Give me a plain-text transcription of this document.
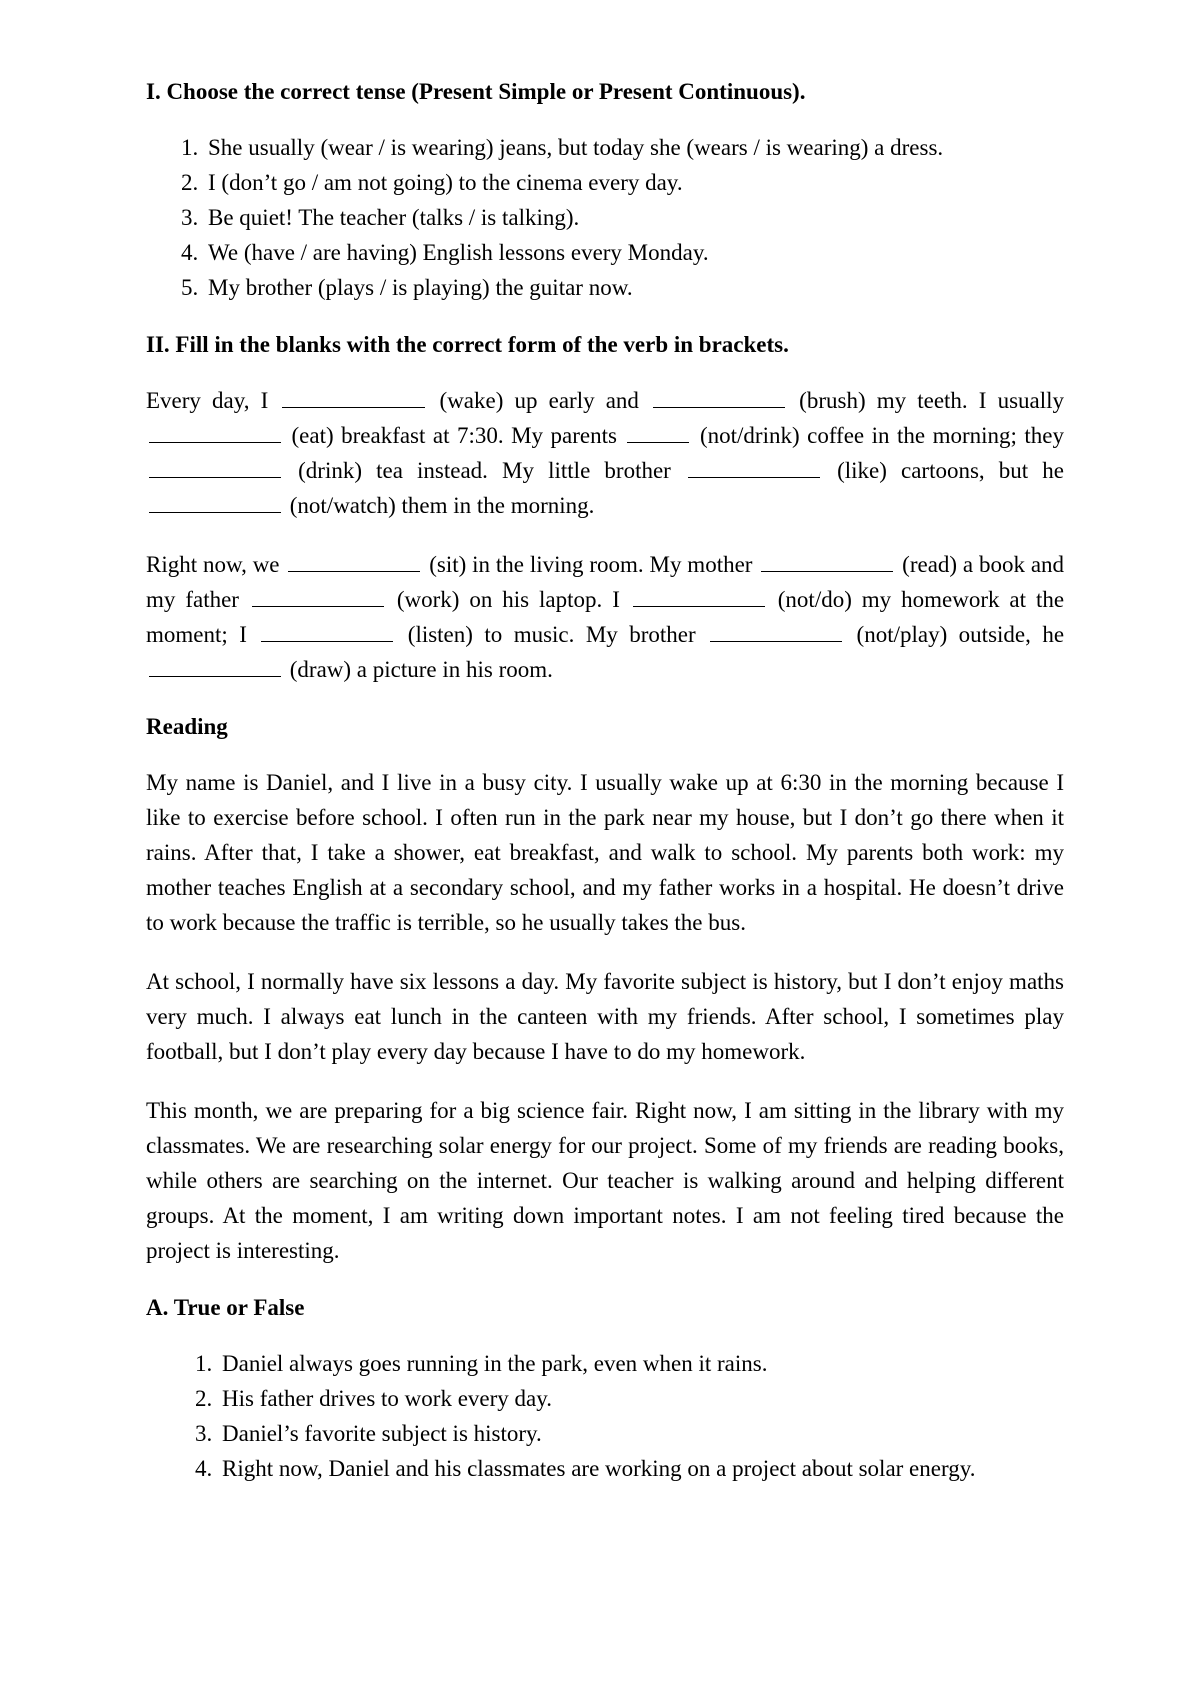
I. Choose the correct tense (Present Simple or Present Continuous).
1. She usually (wear / is wearing) jeans, but today she (wears / is wearing) a dress.
2. I (don’t go / am not going) to the cinema every day.
3. Be quiet! The teacher (talks / is talking).
4. We (have / are having) English lessons every Monday.
5. My brother (plays / is playing) the guitar now.
II. Fill in the blanks with the correct form of the verb in brackets.

Every day, I	(wake) up early and	(brush) my teeth. I usually  (eat) breakfast at 7:30. My parents	(not/drink) coffee in the morning; they  (drink) tea instead. My little brother	(like) cartoons, but he  (not/watch) them in the morning.

Right now, we	(sit) in the living room. My mother	(read) a book and my father	(work) on his laptop. I	(not/do) my homework at the moment; I	(listen) to music. My brother	(not/play) outside, he  (draw) a picture in his room.

Reading

My name is Daniel, and I live in a busy city. I usually wake up at 6:30 in the morning because I like to exercise before school. I often run in the park near my house, but I don’t go there when it rains. After that, I take a shower, eat breakfast, and walk to school. My parents both work: my mother teaches English at a secondary school, and my father works in a hospital. He doesn’t drive to work because the traffic is terrible, so he usually takes the bus.

At school, I normally have six lessons a day. My favorite subject is history, but I don’t enjoy maths very much. I always eat lunch in the canteen with my friends. After school, I sometimes play football, but I don’t play every day because I have to do my homework.

This month, we are preparing for a big science fair. Right now, I am sitting in the library with my classmates. We are researching solar energy for our project. Some of my friends are reading books, while others are searching on the internet. Our teacher is walking around and helping different groups. At the moment, I am writing down important notes. I am not feeling tired because the project is interesting.

A. True or False
1. Daniel always goes running in the park, even when it rains.
2. His father drives to work every day.
3. Daniel’s favorite subject is history.
4. Right now, Daniel and his classmates are working on a project about solar energy.
